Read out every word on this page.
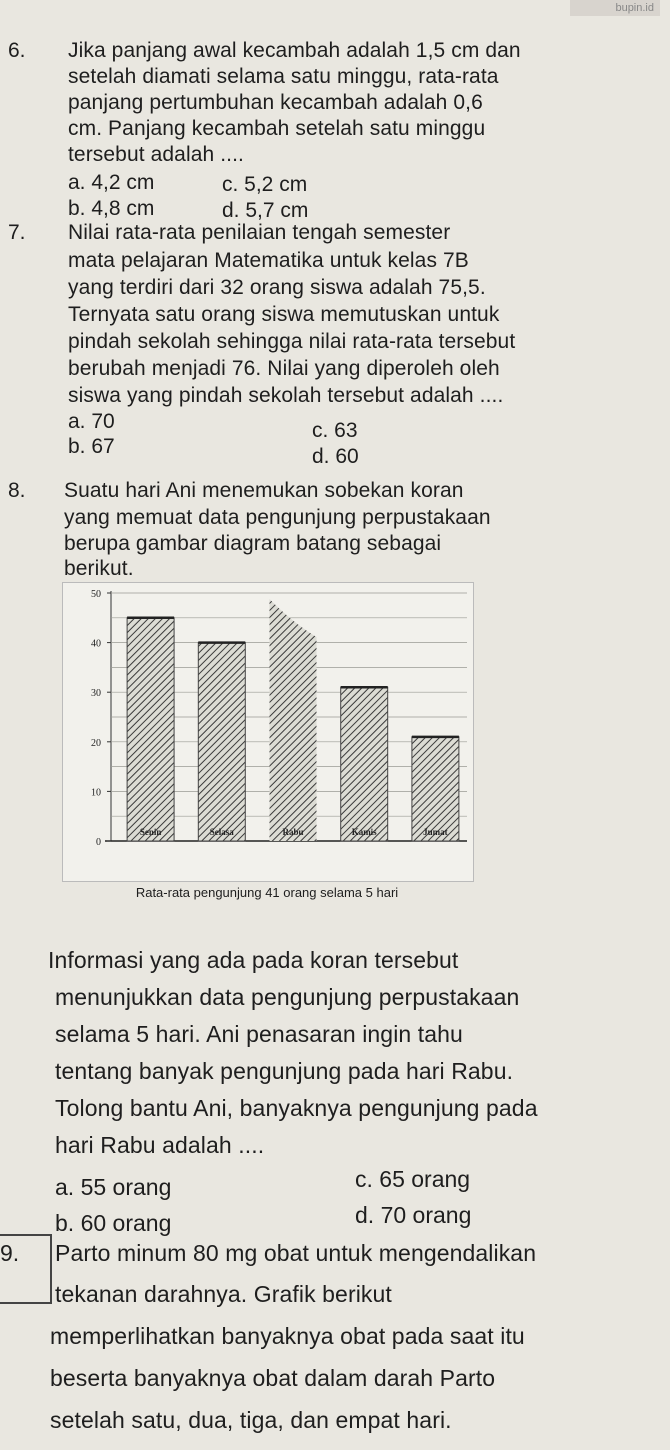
bupin.id
6. Jika panjang awal kecambah adalah 1,5 cm dan
setelah diamati selama satu minggu, rata-rata
panjang pertumbuhan kecambah adalah 0,6
cm. Panjang kecambah setelah satu minggu
tersebut adalah ....
a. 4,2 cm	c. 5,2 cm
b. 4,8 cm	d. 5,7 cm
7. Nilai rata-rata penilaian tengah semester
mata pelajaran Matematika untuk kelas 7B
yang terdiri dari 32 orang siswa adalah 75,5.
Ternyata satu orang siswa memutuskan untuk
pindah sekolah sehingga nilai rata-rata tersebut
berubah menjadi 76. Nilai yang diperoleh oleh
siswa yang pindah sekolah tersebut adalah ....
a. 70	c. 63
b. 67	d. 60
8. Suatu hari Ani menemukan sobekan koran
yang memuat data pengunjung perpustakaan
berupa gambar diagram batang sebagai
berikut.
0
10
20
30
40
50
Senin	Selasa	Rabu	Kamis	Jumat
Rata-rata pengunjung 41 orang selama 5 hari
Informasi yang ada pada koran tersebut
menunjukkan data pengunjung perpustakaan
selama 5 hari. Ani penasaran ingin tahu
tentang banyak pengunjung pada hari Rabu.
Tolong bantu Ani, banyaknya pengunjung pada
hari Rabu adalah ....
a. 55 orang	c. 65 orang
b. 60 orang	d. 70 orang
9. Parto minum 80 mg obat untuk mengendalikan
tekanan darahnya. Grafik berikut
memperlihatkan banyaknya obat pada saat itu
beserta banyaknya obat dalam darah Parto
setelah satu, dua, tiga, dan empat hari.
